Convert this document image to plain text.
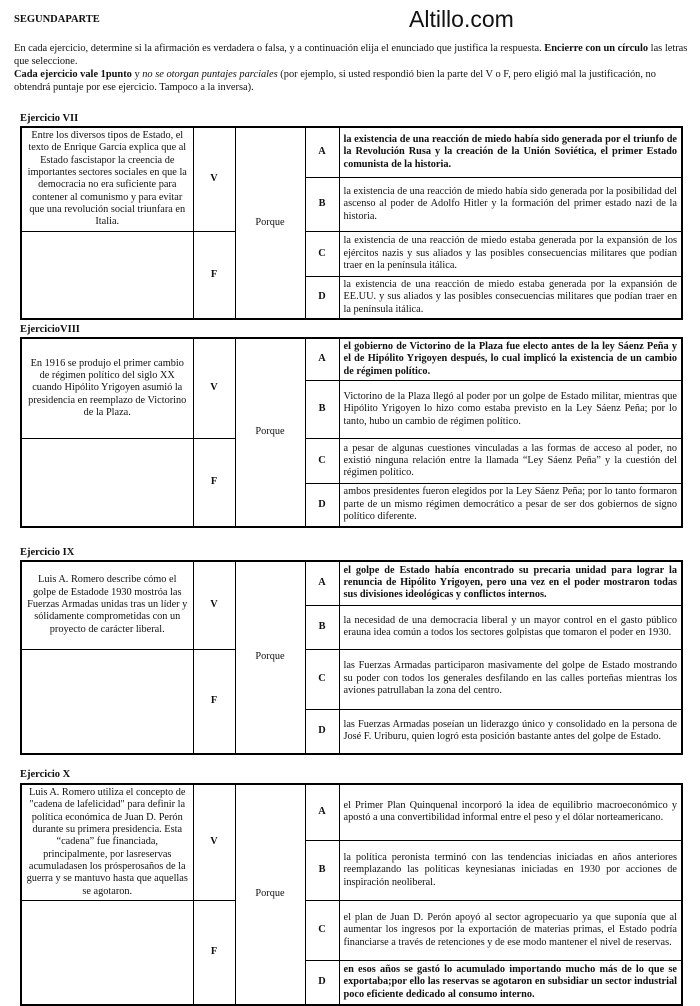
Altillo.com
SEGUNDAPARTE

En cada ejercicio, determine si la afirmación es verdadera o falsa, y a continuación elija el enunciado que justifica la respuesta. Encierre con un círculo las letras que seleccione.

Cada ejercicio vale 1punto y no se otorgan puntajes parciales (por ejemplo, si usted respondió bien la parte del V o F, pero eligió mal la justificación, no obtendrá puntaje por ese ejercicio. Tampoco a la inversa).

Ejercicio VII
Entre los diversos tipos de Estado, el texto de Enrique García explica que al Estado fascistapor la creencia de importantes sectores sociales en que la democracia no era suficiente para contener al comunismo y para evitar que una revolución social triunfara en Italia.	V	Porque	A	la existencia de una reacción de miedo había sido generada por el triunfo de la Revolución Rusa y la creación de la Unión Soviética, el primer Estado comunista de la historia.
			B	la existencia de una reacción de miedo había sido generada por la posibilidad del ascenso al poder de Adolfo Hitler y la formación del primer estado nazi de la historia.
	F		C	la existencia de una reacción de miedo estaba generada por la expansión de los ejércitos nazis y sus aliados y las posibles consecuencias militares que podían traer en la península itálica.
			D	la existencia de una reacción de miedo estaba generada por la expansión de EE.UU. y sus aliados y las posibles consecuencias militares que podían traer en la península itálica.
EjercicioVIII
En 1916 se produjo el primer cambio de régimen político del siglo XX cuando Hipólito Yrigoyen asumió la presidencia en reemplazo de Victorino de la Plaza.	V	Porque	A	el gobierno de Victorino de la Plaza fue electo antes de la ley Sáenz Peña y el de Hipólito Yrigoyen después, lo cual implicó la existencia de un cambio de régimen político.
			B	Victorino de la Plaza llegó al poder por un golpe de Estado militar, mientras que Hipólito Yrigoyen lo hizo como estaba previsto en la Ley Sáenz Peña; por lo tanto, hubo un cambio de régimen político.
	F		C	a pesar de algunas cuestiones vinculadas a las formas de acceso al poder, no existió ninguna relación entre la llamada “Ley Sáenz Peña” y la cuestión del régimen político.
			D	ambos presidentes fueron elegidos por la Ley Sáenz Peña; por lo tanto formaron parte de un mismo régimen democrático a pesar de ser dos gobiernos de signo político diferente.
Ejercicio IX
Luis A. Romero describe cómo el golpe de Estadode 1930 mostróa las Fuerzas Armadas unidas tras un líder y sólidamente comprometidas con un proyecto de carácter liberal.	V	Porque	A	el golpe de Estado había encontrado su precaria unidad para lograr la renuncia de Hipólito Yrigoyen, pero una vez en el poder mostraron todas sus divisiones ideológicas y conflictos internos.
			B	la necesidad de una democracia liberal y un mayor control en el gasto público erauna idea común a todos los sectores golpistas que tomaron el poder en 1930.
	F		C	las Fuerzas Armadas participaron masivamente del golpe de Estado mostrando su poder con todos los generales desfilando en las calles porteñas mientras los aviones patrullaban la zona del centro.
			D	las Fuerzas Armadas poseían un liderazgo único y consolidado en la persona de José F. Uriburu, quien logró esta posición bastante antes del golpe de Estado.
Ejercicio X
Luis A. Romero utiliza el concepto de "cadena de lafelicidad" para definir la política económica de Juan D. Perón durante su primera presidencia. Esta “cadena” fue financiada, principalmente, por lasreservas acumuladasen los prósperosaños de la guerra y se mantuvo hasta que aquellas se agotaron.	V	Porque	A	el Primer Plan Quinquenal incorporó la idea de equilibrio macroeconómico y apostó a una convertibilidad informal entre el peso y el dólar norteamericano.
			B	la política peronista terminó con las tendencias iniciadas en años anteriores reemplazando las políticas keynesianas iniciadas en 1930 por acciones de inspiración neoliberal.
	F		C	el plan de Juan D. Perón apoyó al sector agropecuario ya que suponía que al aumentar los ingresos por la exportación de materias primas, el Estado podría financiarse a través de retenciones y de ese modo mantener el nivel de reservas.
			D	en esos años se gastó lo acumulado importando mucho más de lo que se exportaba;por ello las reservas se agotaron en subsidiar un sector industrial poco eficiente dedicado al consumo interno.
